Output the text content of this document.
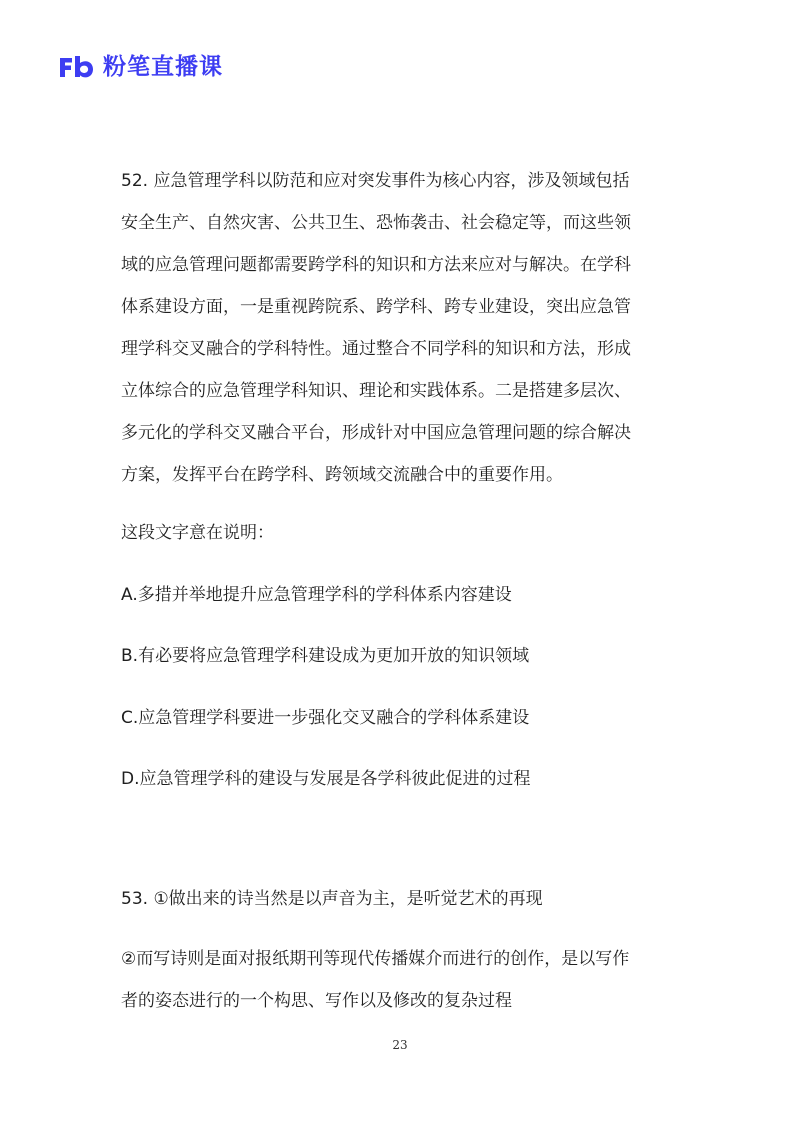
粉笔直播课
52. 应急管理学科以防范和应对突发事件为核心内容，涉及领域包括
安全生产、自然灾害、公共卫生、恐怖袭击、社会稳定等，而这些领
域的应急管理问题都需要跨学科的知识和方法来应对与解决。在学科
体系建设方面，一是重视跨院系、跨学科、跨专业建设，突出应急管
理学科交叉融合的学科特性。通过整合不同学科的知识和方法，形成
立体综合的应急管理学科知识、理论和实践体系。二是搭建多层次、
多元化的学科交叉融合平台，形成针对中国应急管理问题的综合解决
方案，发挥平台在跨学科、跨领域交流融合中的重要作用。
这段文字意在说明：
A.多措并举地提升应急管理学科的学科体系内容建设
B.有必要将应急管理学科建设成为更加开放的知识领域
C.应急管理学科要进一步强化交叉融合的学科体系建设
D.应急管理学科的建设与发展是各学科彼此促进的过程
53. ①做出来的诗当然是以声音为主，是听觉艺术的再现
②而写诗则是面对报纸期刊等现代传播媒介而进行的创作，是以写作
者的姿态进行的一个构思、写作以及修改的复杂过程
23
